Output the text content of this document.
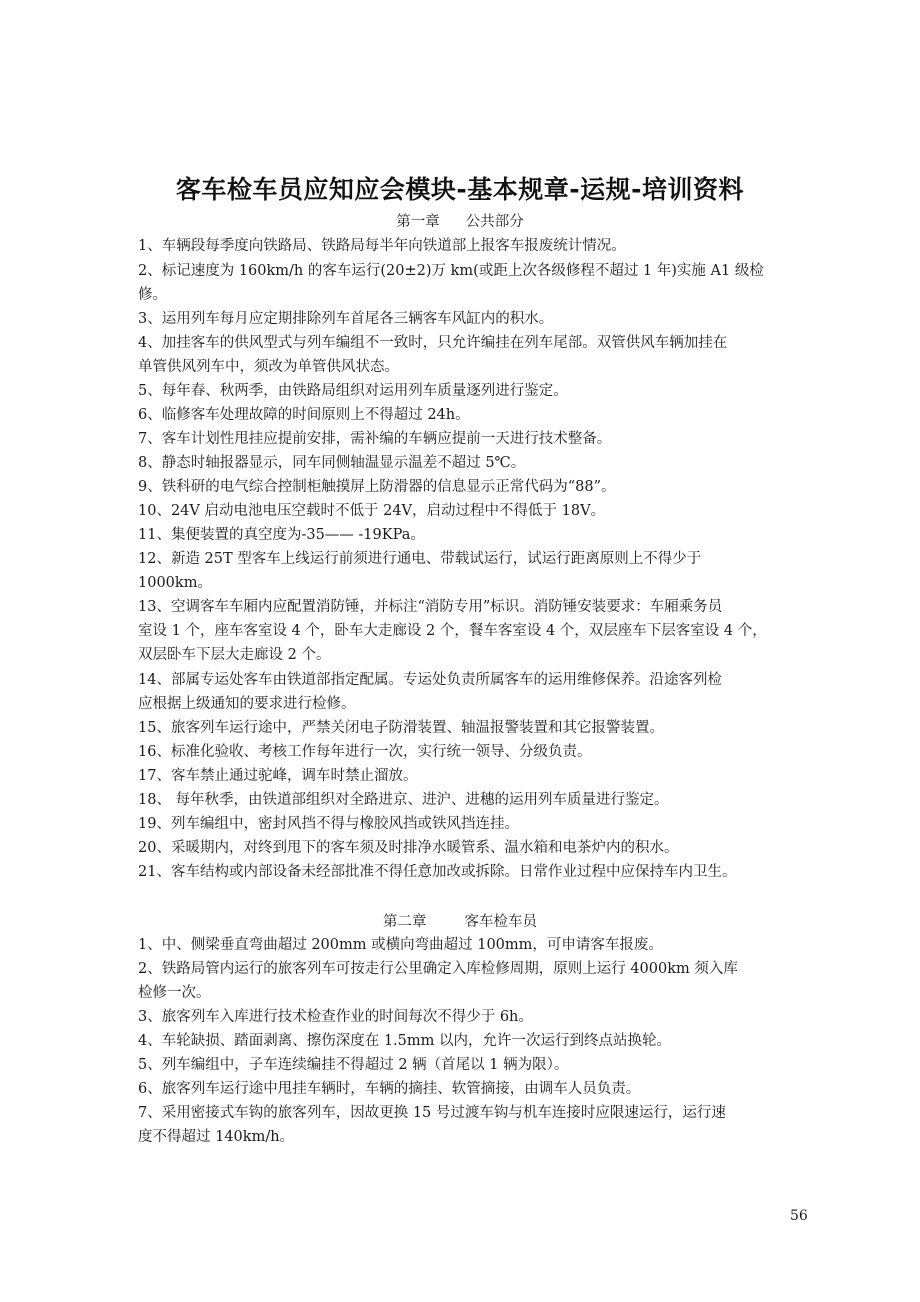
客车检车员应知应会模块-基本规章-运规-培训资料
第一章 公共部分
1、车辆段每季度向铁路局、铁路局每半年向铁道部上报客车报废统计情况。
2、标记速度为 160km/h 的客车运行(20±2)万 km(或距上次各级修程不超过 1 年)实施 A1 级检
修。
3、运用列车每月应定期排除列车首尾各三辆客车风缸内的积水。
4、加挂客车的供风型式与列车编组不一致时，只允许编挂在列车尾部。双管供风车辆加挂在
单管供风列车中，须改为单管供风状态。
5、每年春、秋两季，由铁路局组织对运用列车质量逐列进行鉴定。
6、临修客车处理故障的时间原则上不得超过 24h。
7、客车计划性甩挂应提前安排，需补编的车辆应提前一天进行技术整备。
8、静态时轴报器显示，同车同侧轴温显示温差不超过 5℃。
9、铁科研的电气综合控制柜触摸屏上防滑器的信息显示正常代码为“88”。
10、24V 启动电池电压空载时不低于 24V，启动过程中不得低于 18V。
11、集便装置的真空度为-35—— -19KPa。
12、新造 25T 型客车上线运行前须进行通电、带载试运行，试运行距离原则上不得少于
1000km。
13、空调客车车厢内应配置消防锤，并标注“消防专用”标识。消防锤安装要求：车厢乘务员
室设 1 个，座车客室设 4 个，卧车大走廊设 2 个，餐车客室设 4 个，双层座车下层客室设 4 个，
双层卧车下层大走廊设 2 个。
14、部属专运处客车由铁道部指定配属。专运处负责所属客车的运用维修保养。沿途客列检
应根据上级通知的要求进行检修。
15、旅客列车运行途中，严禁关闭电子防滑装置、轴温报警装置和其它报警装置。
16、标准化验收、考核工作每年进行一次，实行统一领导、分级负责。
17、客车禁止通过驼峰，调车时禁止溜放。
18、 每年秋季，由铁道部组织对全路进京、进沪、进穗的运用列车质量进行鉴定。
19、列车编组中，密封风挡不得与橡胶风挡或铁风挡连挂。
20、采暖期内，对终到甩下的客车须及时排净水暖管系、温水箱和电茶炉内的积水。
21、客车结构或内部设备未经部批准不得任意加改或拆除。日常作业过程中应保持车内卫生。
第二章	客车检车员
1、中、侧梁垂直弯曲超过 200mm 或横向弯曲超过 100mm，可申请客车报废。
2、铁路局管内运行的旅客列车可按走行公里确定入库检修周期，原则上运行 4000km 须入库
检修一次。
3、旅客列车入库进行技术检查作业的时间每次不得少于 6h。
4、车轮缺损、踏面剥离、擦伤深度在 1.5mm 以内，允许一次运行到终点站换轮。
5、列车编组中，子车连续编挂不得超过 2 辆（首尾以 1 辆为限）。
6、旅客列车运行途中甩挂车辆时，车辆的摘挂、软管摘接，由调车人员负责。
7、采用密接式车钩的旅客列车，因故更换 15 号过渡车钩与机车连接时应限速运行，运行速
度不得超过 140km/h。
56
